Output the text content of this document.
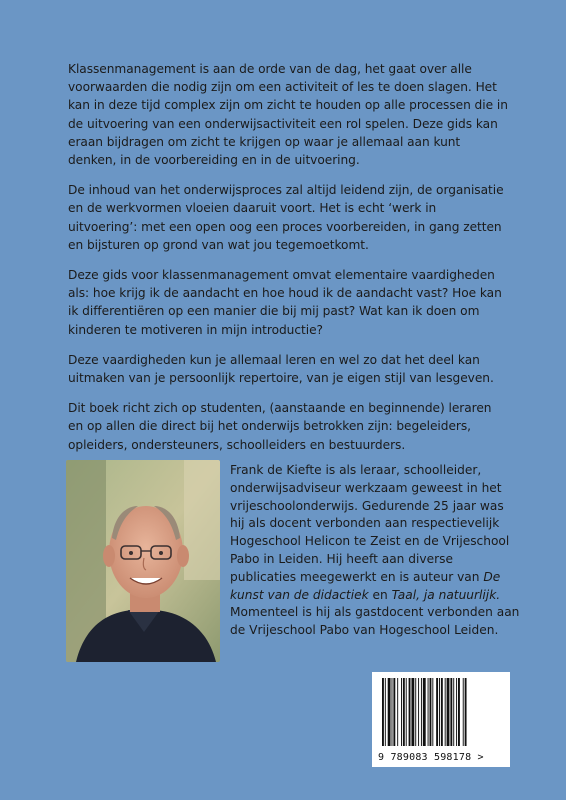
Klassenmanagement is aan de orde van de dag, het gaat over alle voorwaarden die nodig zijn om een activiteit of les te doen slagen. Het kan in deze tijd complex zijn om zicht te houden op alle processen die in de uitvoering van een onderwijsactiviteit een rol spelen. Deze gids kan eraan bijdragen om zicht te krijgen op waar je allemaal aan kunt denken, in de voorbereiding en in de uitvoering.

De inhoud van het onderwijsproces zal altijd leidend zijn, de organisatie en de werkvormen vloeien daaruit voort. Het is echt ‘werk in uitvoering’: met een open oog een proces voorbereiden, in gang zetten en bijsturen op grond van wat jou tegemoetkomt.

Deze gids voor klassenmanagement omvat elementaire vaardigheden als: hoe krijg ik de aandacht en hoe houd ik de aandacht vast? Hoe kan ik differentiëren op een manier die bij mij past? Wat kan ik doen om kinderen te motiveren in mijn introductie?

Deze vaardigheden kun je allemaal leren en wel zo dat het deel kan uitmaken van je persoonlijk repertoire, van je eigen stijl van lesgeven.

Dit boek richt zich op studenten, (aanstaande en beginnende) leraren en op allen die direct bij het onderwijs betrokken zijn: begeleiders, opleiders, ondersteuners, schoolleiders en bestuurders.

Frank de Kiefte is als leraar, schoolleider, onderwijsadviseur werkzaam geweest in het vrijeschoolonderwijs. Gedurende 25 jaar was hij als docent verbonden aan respectievelijk Hogeschool Helicon te Zeist en de Vrijeschool Pabo in Leiden. Hij heeft aan diverse publicaties meegewerkt en is auteur van De kunst van de didactiek en Taal, ja natuurlijk. Momenteel is hij als gastdocent verbonden aan de Vrijeschool Pabo van Hogeschool Leiden.
9 789083 598178 >
